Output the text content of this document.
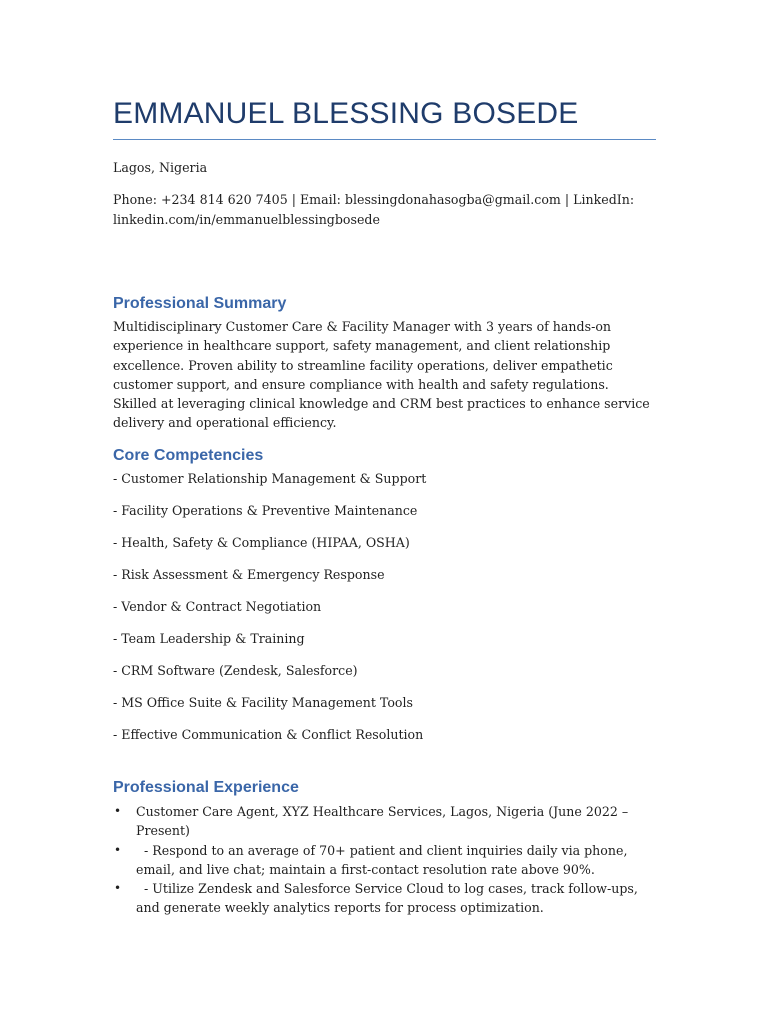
EMMANUEL BLESSING BOSEDE

Lagos, Nigeria

Phone: +234 814 620 7405 | Email: blessingdonahasogba@gmail.com | LinkedIn:

linkedin.com/in/emmanuelblessingbosede

Professional Summary

Multidisciplinary Customer Care & Facility Manager with 3 years of hands-on experience in healthcare support, safety management, and client relationship excellence. Proven ability to streamline facility operations, deliver empathetic customer support, and ensure compliance with health and safety regulations. Skilled at leveraging clinical knowledge and CRM best practices to enhance service delivery and operational efficiency.

Core Competencies

- Customer Relationship Management & Support

- Facility Operations & Preventive Maintenance

- Health, Safety & Compliance (HIPAA, OSHA)

- Risk Assessment & Emergency Response

- Vendor & Contract Negotiation

- Team Leadership & Training

- CRM Software (Zendesk, Salesforce)

- MS Office Suite & Facility Management Tools

- Effective Communication & Conflict Resolution

Professional Experience
• Customer Care Agent, XYZ Healthcare Services, Lagos, Nigeria (June 2022 – Present)
• - Respond to an average of 70+ patient and client inquiries daily via phone, email, and live chat; maintain a first-contact resolution rate above 90%.
• - Utilize Zendesk and Salesforce Service Cloud to log cases, track follow-ups, and generate weekly analytics reports for process optimization.
